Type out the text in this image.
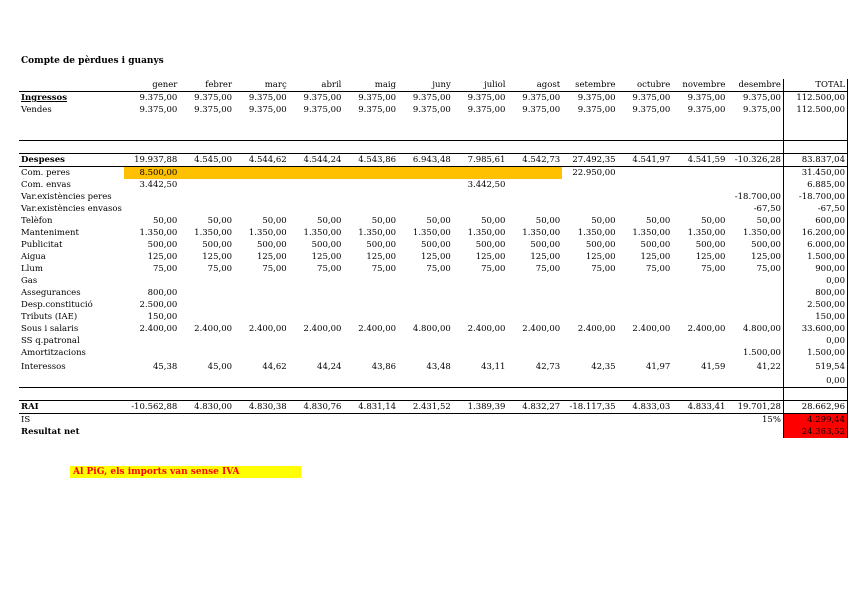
Compte de pèrdues i guanys
	gener	febrer	març	abril	maig	juny	juliol	agost	setembre	octubre	novembre	desembre	TOTAL
Ingressos	9.375,00	9.375,00	9.375,00	9.375,00	9.375,00	9.375,00	9.375,00	9.375,00	9.375,00	9.375,00	9.375,00	9.375,00	112.500,00
Vendes	9.375,00	9.375,00	9.375,00	9.375,00	9.375,00	9.375,00	9.375,00	9.375,00	9.375,00	9.375,00	9.375,00	9.375,00	112.500,00

Despeses	19.937,88	4.545,00	4.544,62	4.544,24	4.543,86	6.943,48	7.985,61	4.542,73	27.492,35	4.541,97	4.541,59	-10.326,28	83.837,04
Com. peres	8.500,00								22.950,00				31.450,00
Com. envas	3.442,50						3.442,50						6.885,00
Var.existències peres												-18.700,00	-18.700,00
Var.existències envasos												-67,50	-67,50
Telèfon	50,00	50,00	50,00	50,00	50,00	50,00	50,00	50,00	50,00	50,00	50,00	50,00	600,00
Manteniment	1.350,00	1.350,00	1.350,00	1.350,00	1.350,00	1.350,00	1.350,00	1.350,00	1.350,00	1.350,00	1.350,00	1.350,00	16.200,00
Publicitat	500,00	500,00	500,00	500,00	500,00	500,00	500,00	500,00	500,00	500,00	500,00	500,00	6.000,00
Aigua	125,00	125,00	125,00	125,00	125,00	125,00	125,00	125,00	125,00	125,00	125,00	125,00	1.500,00
Llum	75,00	75,00	75,00	75,00	75,00	75,00	75,00	75,00	75,00	75,00	75,00	75,00	900,00
Gas													0,00
Assegurances	800,00												800,00
Desp.constitució	2.500,00												2.500,00
Tributs (IAE)	150,00												150,00
Sous i salaris	2.400,00	2.400,00	2.400,00	2.400,00	2.400,00	4.800,00	2.400,00	2.400,00	2.400,00	2.400,00	2.400,00	4.800,00	33.600,00
SS q.patronal													0,00
Amortitzacions												1.500,00	1.500,00
Interessos	45,38	45,00	44,62	44,24	43,86	43,48	43,11	42,73	42,35	41,97	41,59	41,22	519,54
													0,00

RAI	-10.562,88	4.830,00	4.830,38	4.830,76	4.831,14	2.431,52	1.389,39	4.832,27	-18.117,35	4.833,03	4.833,41	19.701,28	28.662,96
IS												15%	4.299,44
Resultat net													24.363,52
Al PiG, els imports van sense IVA
